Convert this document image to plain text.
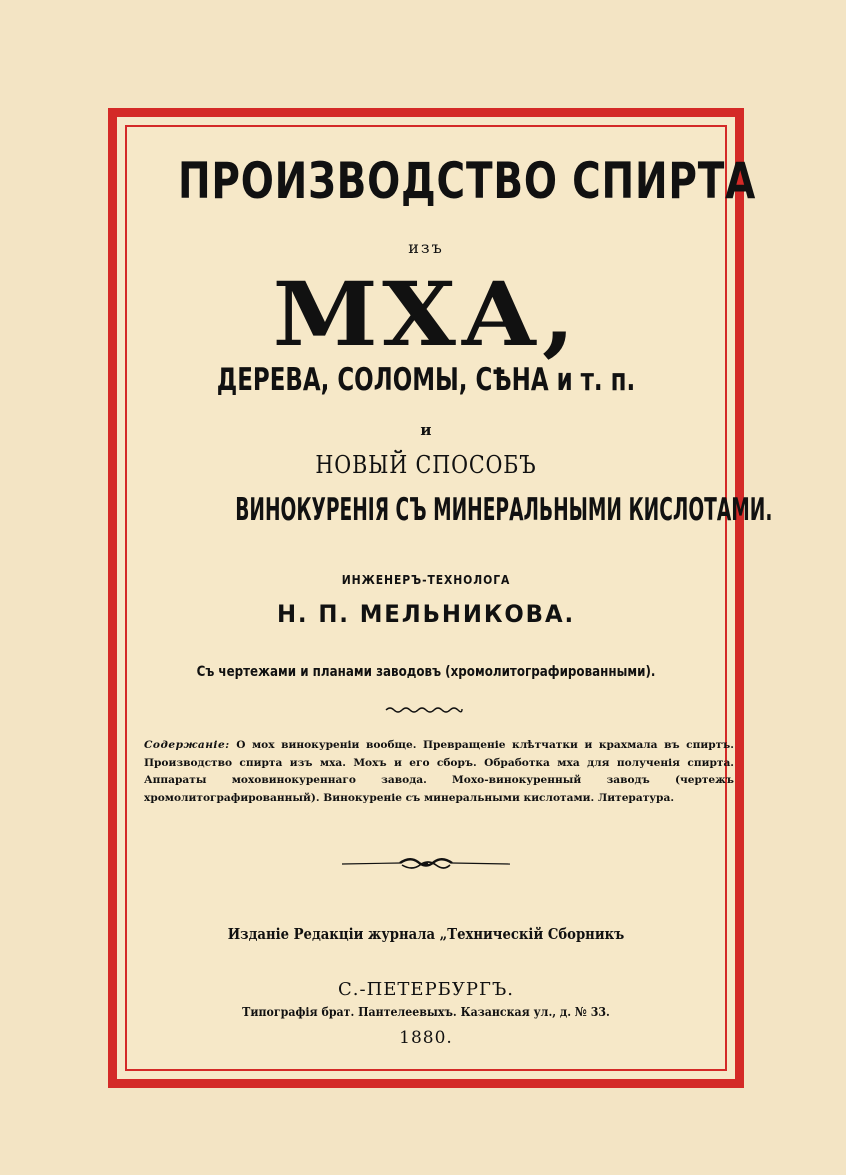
ПРОИЗВОДСТВО СПИРТА
изъ
МХА,
ДЕРЕВА, СОЛОМЫ, СѢНА и т. п.
и
НОВЫЙ СПОСОБЪ
ВИНОКУРЕНІЯ СЪ МИНЕРАЛЬНЫМИ КИСЛОТАМИ.
ИНЖЕНЕРЪ-ТЕХНОЛОГА
Н. П. МЕЛЬНИКОВА.
Съ чертежами и планами заводовъ (хромолитографированными).
Содержаніе: О мох винокуреніи вообще. Превращеніе клѣтчатки и крахмала въ спиртъ. Производство спирта изъ мха. Мохъ и его сборъ. Обработка мха для полученія спирта. Аппараты моховинокуреннаго завода. Мохо-винокуренный заводъ (чертежъ хромолитографированный). Винокуреніе съ минеральными кислотами. Литература.
Изданіе Редакціи журнала „Техническій Сборникъ
С.-ПЕТЕРБУРГЪ.
Типографія брат. Пантелеевыхъ. Казанская ул., д. № 33.
1880.
